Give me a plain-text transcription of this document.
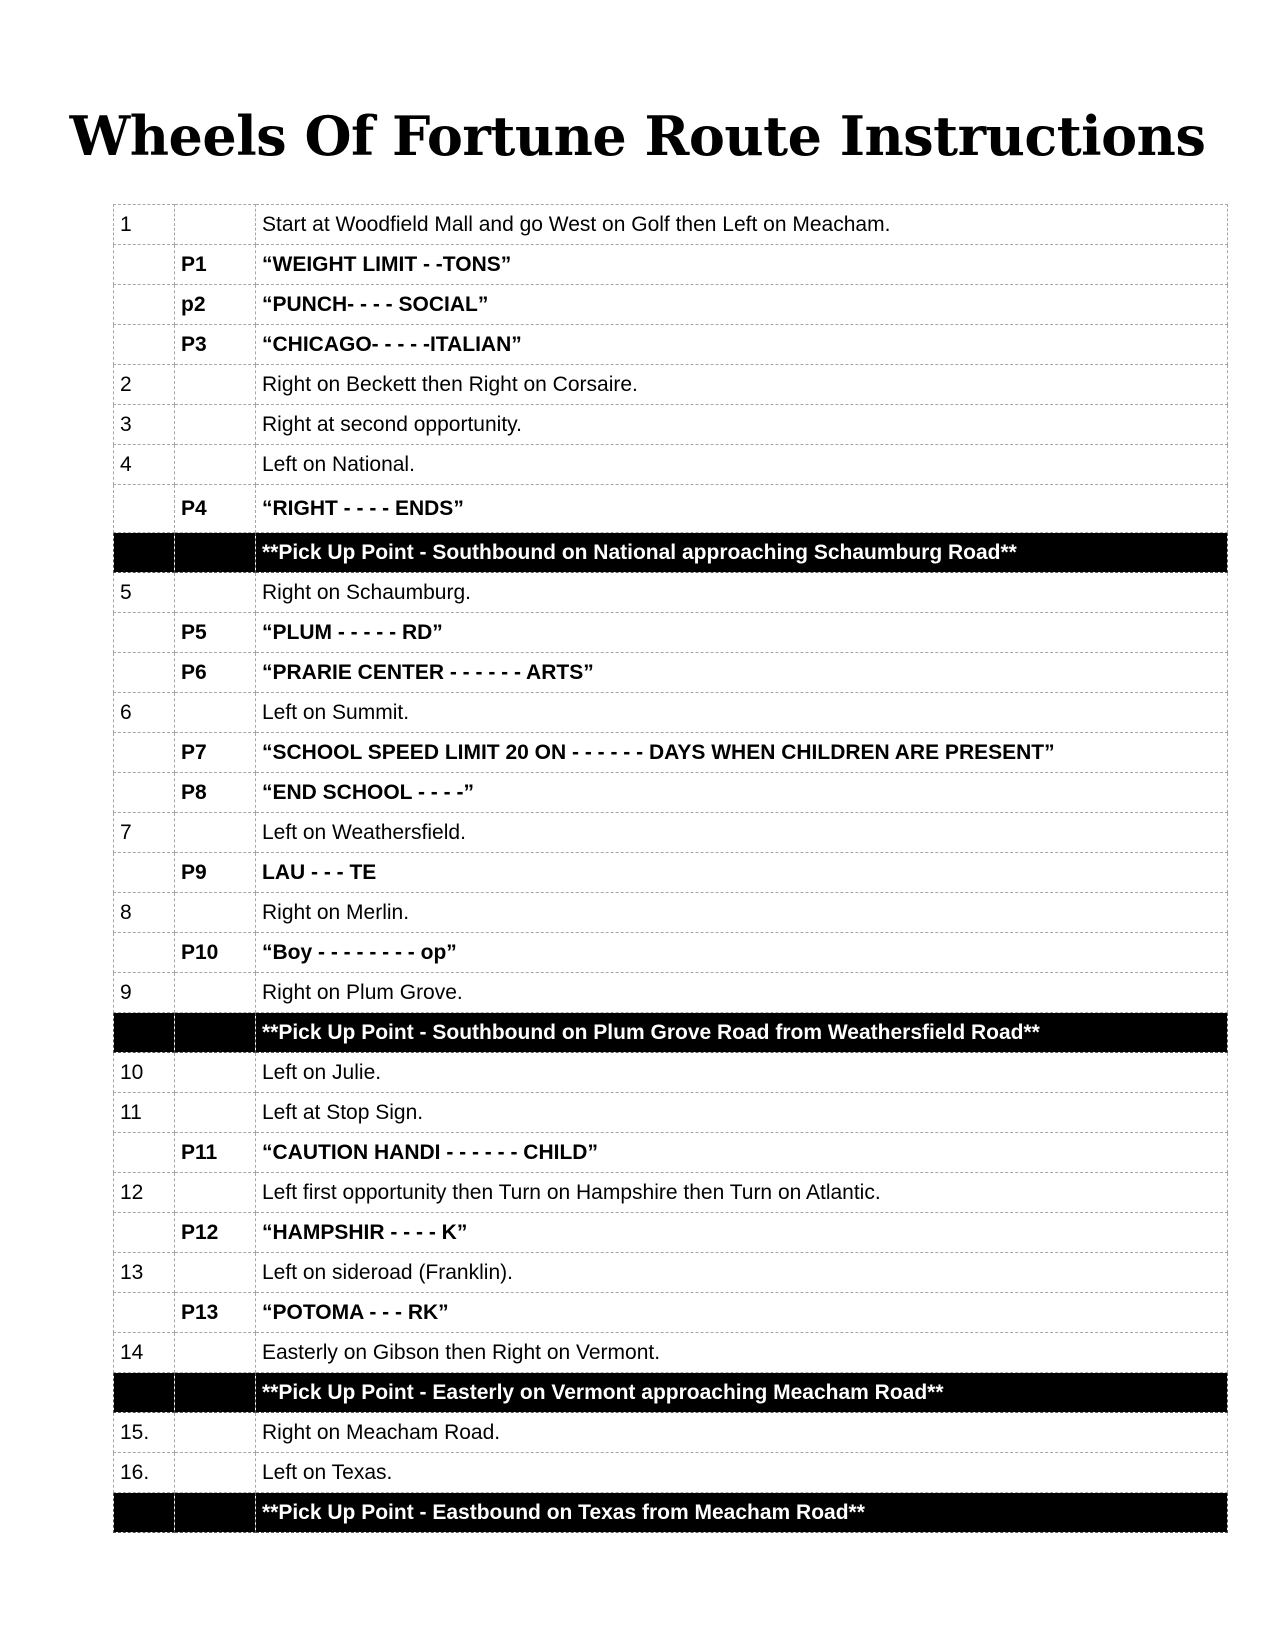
Wheels Of Fortune Route Instructions
1		Start at Woodfield Mall and go West on Golf then Left on Meacham.
	P1	“WEIGHT LIMIT - -TONS”
	p2	“PUNCH- - - - SOCIAL”
	P3	“CHICAGO- - - - -ITALIAN”
2		Right on Beckett then Right on Corsaire.
3		Right at second opportunity.
4		Left on National.
	P4	“RIGHT - - - - ENDS”
		**Pick Up Point - Southbound on National approaching Schaumburg Road**
5		Right on Schaumburg.
	P5	“PLUM - - - - - RD”
	P6	“PRARIE CENTER - - - - - - ARTS”
6		Left on Summit.
	P7	“SCHOOL SPEED LIMIT 20 ON - - - - - - DAYS WHEN CHILDREN ARE PRESENT”
	P8	“END SCHOOL - - - -”
7		Left on Weathersfield.
	P9	LAU - - - TE
8		Right on Merlin.
	P10	“Boy - - - - - - - - op”
9		Right on Plum Grove.
		**Pick Up Point - Southbound on Plum Grove Road from Weathersfield Road**
10		Left on Julie.
11		Left at Stop Sign.
	P11	“CAUTION HANDI - - - - - - CHILD”
12		Left first opportunity then Turn on Hampshire then Turn on Atlantic.
	P12	“HAMPSHIR - - - - K”
13		Left on sideroad (Franklin).
	P13	“POTOMA - - - RK”
14		Easterly on Gibson then Right on Vermont.
		**Pick Up Point - Easterly on Vermont approaching Meacham Road**
15.		Right on Meacham Road.
16.		Left on Texas.
		**Pick Up Point - Eastbound on Texas from Meacham Road**
